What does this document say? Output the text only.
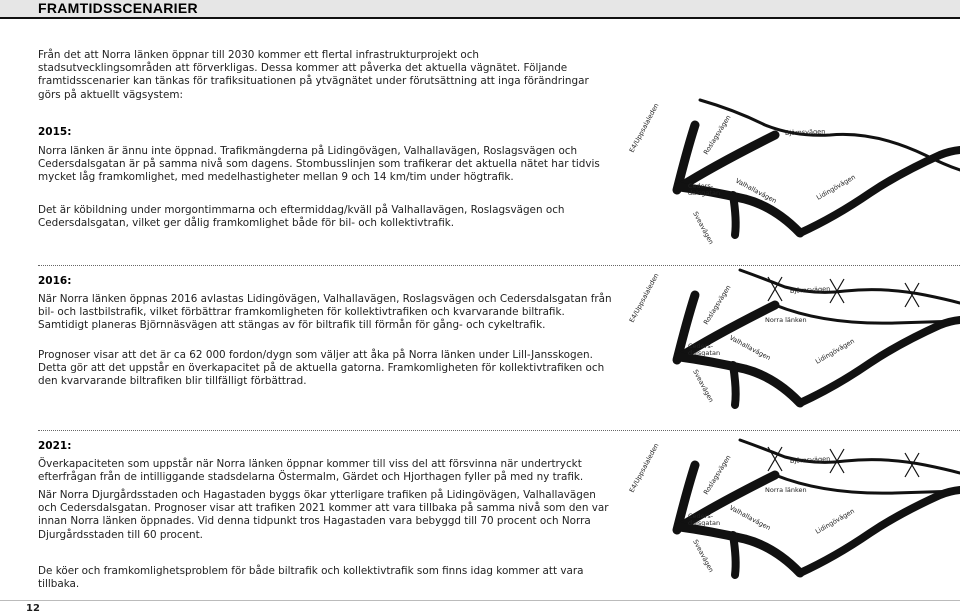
FRAMTIDSSCENARIER
Från det att Norra länken öppnar till 2030 kommer ett flertal infrastrukturprojekt och stadsutvecklingsområden att förverkligas. Dessa kommer att påverka det aktuella vägnätet. Följande framtidsscenarier kan tänkas för trafiksituationen på ytvägnätet under förutsättning att inga förändringar görs på aktuellt vägsystem:
2015:
Norra länken är ännu inte öppnad. Trafikmängderna på Lidingövägen, Valhallavägen, Roslagsvägen och Cedersdalsgatan är på samma nivå som dagens. Stombusslinjen som trafikerar det aktuella nätet har tidvis mycket låg framkomlighet, med medelhastigheter mellan 9 och 14 km/tim under högtrafik.
Det är köbildning under morgontimmarna och eftermiddag/kväll på Valhallavägen, Roslagsvägen och Cedersdalsgatan, vilket ger dålig framkomlighet både för bil- och kollektivtrafik.
2016:
När Norra länken öppnas 2016 avlastas Lidingövägen, Valhallavägen, Roslagsvägen och Cedersdalsgatan från bil- och lastbilstrafik, vilket förbättrar framkomligheten för kollektivtrafiken och kvarvarande biltrafik. Samtidigt planeras Björnnäsvägen att stängas av för biltrafik till förmån för gång- och cykeltrafik.
Prognoser visar att det är ca 62 000 fordon/dygn som väljer att åka på Norra länken under Lill-Jansskogen. Detta gör att det uppstår en överkapacitet på de aktuella gatorna. Framkomligheten för kollektivtrafiken och den kvarvarande biltrafiken blir tillfälligt förbättrad.
2021:
Överkapaciteten som uppstår när Norra länken öppnar kommer till viss del att försvinna när undertryckt efterfrågan från de intilliggande stadsdelarna Östermalm, Gärdet och Hjorthagen fyller på med ny trafik.
När Norra Djurgårdsstaden och Hagastaden byggs ökar ytterligare trafiken på Lidingövägen, Valhallavägen och Cedersdalsgatan. Prognoser visar att trafiken 2021 kommer att vara tillbaka på samma nivå som den var innan Norra länken öppnades. Vid denna tidpunkt tros Hagastaden vara bebyggd till 70 procent och Norra Djurgårdsstaden till 60 procent.
De köer och framkomlighetsproblem för både biltrafik och kollektivtrafik som finns idag kommer att vara tillbaka.
E4/Uppsalaleden	Roslagsvägen	Björnsvägen
Ceders-
dalsgatan Valhallavägen
Sveavägen
Lidingövägen
E4/Uppsalaleden	Roslagsvägen	Björnsvägen
Norra länken
Ceders-
dalsgatan Valhallavägen
Sveavägen
Lidingövägen
E4/Uppsalaleden	Roslagsvägen	Björnsvägen
Norra länken
Ceders-
dalsgatan Valhallavägen
Sveavägen
Lidingövägen
12
